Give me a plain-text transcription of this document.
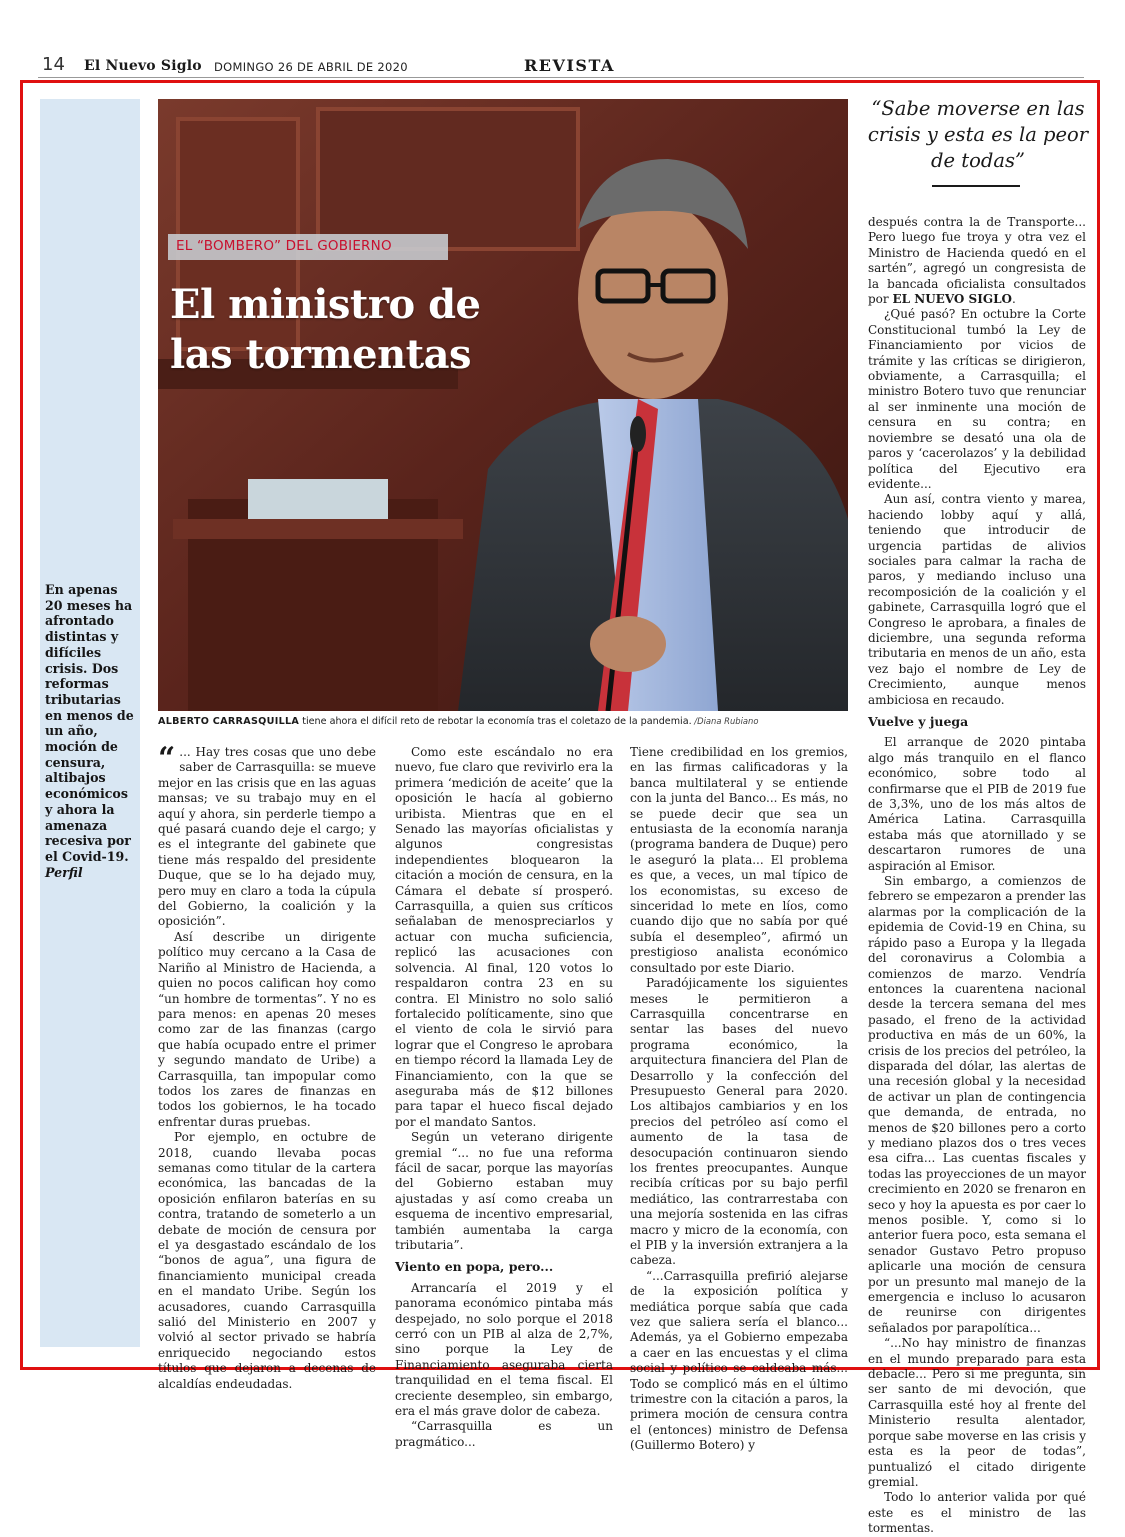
14 El Nuevo Siglo DOMINGO 26 DE ABRIL DE 2020	REVISTA
En apenas 20 meses ha afrontado distintas y difíciles crisis. Dos reformas tributarias en menos de un año, moción de censura, altibajos económicos y ahora la amenaza recesiva por el Covid-19.
Perfil
EL “BOMBERO” DEL GOBIERNO
El ministro de las tormentas
ALBERTO CARRASQUILLA tiene ahora el difícil reto de rebotar la economía tras el coletazo de la pandemia. /Diana Rubiano
“Sabe moverse en las crisis y esta es la peor de todas”

“ ... Hay tres cosas que uno debe saber de Carrasquilla: se mueve mejor en las crisis que en las aguas mansas; ve su trabajo muy en el aquí y ahora, sin perderle tiempo a qué pasará cuando deje el cargo; y es el integrante del gabinete que tiene más respaldo del presidente Duque, que se lo ha dejado muy, pero muy en claro a toda la cúpula del Gobierno, la coalición y la oposición”.

Así describe un dirigente político muy cercano a la Casa de Nariño al Ministro de Hacienda, a quien no pocos califican hoy como “un hombre de tormentas”. Y no es para menos: en apenas 20 meses como zar de las finanzas (cargo que había ocupado entre el primer y segundo mandato de Uribe) a Carrasquilla, tan impopular como todos los zares de finanzas en todos los gobiernos, le ha tocado enfrentar duras pruebas.

Por ejemplo, en octubre de 2018, cuando llevaba pocas semanas como titular de la cartera económica, las bancadas de la oposición enfilaron baterías en su contra, tratando de someterlo a un debate de moción de censura por el ya desgastado escándalo de los “bonos de agua”, una figura de financiamiento municipal creada en el mandato Uribe. Según los acusadores, cuando Carrasquilla salió del Ministerio en 2007 y volvió al sector privado se habría enriquecido negociando estos títulos que dejaron a decenas de alcaldías endeudadas.

Como este escándalo no era nuevo, fue claro que revivirlo era la primera ‘medición de aceite’ que la oposición le hacía al gobierno uribista. Mientras que en el Senado las mayorías oficialistas y algunos congresistas independientes bloquearon la citación a moción de censura, en la Cámara el debate sí prosperó. Carrasquilla, a quien sus críticos señalaban de menospreciarlos y actuar con mucha suficiencia, replicó las acusaciones con solvencia. Al final, 120 votos lo respaldaron contra 23 en su contra. El Ministro no solo salió fortalecido políticamente, sino que el viento de cola le sirvió para lograr que el Congreso le aprobara en tiempo récord la llamada Ley de Financiamiento, con la que se aseguraba más de $12 billones para tapar el hueco fiscal dejado por el mandato Santos.

Según un veterano dirigente gremial “... no fue una reforma fácil de sacar, porque las mayorías del Gobierno estaban muy ajustadas y así como creaba un esquema de incentivo empresarial, también aumentaba la carga tributaria”.

Viento en popa, pero...

Arrancaría el 2019 y el panorama económico pintaba más despejado, no solo porque el 2018 cerró con un PIB al alza de 2,7%, sino porque la Ley de Financiamiento aseguraba cierta tranquilidad en el tema fiscal. El creciente desempleo, sin embargo, era el más grave dolor de cabeza.

“Carrasquilla es un pragmático...

Tiene credibilidad en los gremios, en las firmas calificadoras y la banca multilateral y se entiende con la junta del Banco... Es más, no se puede decir que sea un entusiasta de la economía naranja (programa bandera de Duque) pero le aseguró la plata... El problema es que, a veces, un mal típico de los economistas, su exceso de sinceridad lo mete en líos, como cuando dijo que no sabía por qué subía el desempleo”, afirmó un prestigioso analista económico consultado por este Diario.

Paradójicamente los siguientes meses le permitieron a Carrasquilla concentrarse en sentar las bases del nuevo programa económico, la arquitectura financiera del Plan de Desarrollo y la confección del Presupuesto General para 2020. Los altibajos cambiarios y en los precios del petróleo así como el aumento de la tasa de desocupación continuaron siendo los frentes preocupantes. Aunque recibía críticas por su bajo perfil mediático, las contrarrestaba con una mejoría sostenida en las cifras macro y micro de la economía, con el PIB y la inversión extranjera a la cabeza.

“...Carrasquilla prefirió alejarse de la exposición política y mediática porque sabía que cada vez que saliera sería el blanco... Además, ya el Gobierno empezaba a caer en las encuestas y el clima social y político se caldeaba más... Todo se complicó más en el último trimestre con la citación a paros, la primera moción de censura contra el (entonces) ministro de Defensa (Guillermo Botero) y

después contra la de Transporte... Pero luego fue troya y otra vez el Ministro de Hacienda quedó en el sartén”, agregó un congresista de la bancada oficialista consultados por EL NUEVO SIGLO.

¿Qué pasó? En octubre la Corte Constitucional tumbó la Ley de Financiamiento por vicios de trámite y las críticas se dirigieron, obviamente, a Carrasquilla; el ministro Botero tuvo que renunciar al ser inminente una moción de censura en su contra; en noviembre se desató una ola de paros y ‘cacerolazos’ y la debilidad política del Ejecutivo era evidente...

Aun así, contra viento y marea, haciendo lobby aquí y allá, teniendo que introducir de urgencia partidas de alivios sociales para calmar la racha de paros, y mediando incluso una recomposición de la coalición y el gabinete, Carrasquilla logró que el Congreso le aprobara, a finales de diciembre, una segunda reforma tributaria en menos de un año, esta vez bajo el nombre de Ley de Crecimiento, aunque menos ambiciosa en recaudo.

Vuelve y juega

El arranque de 2020 pintaba algo más tranquilo en el flanco económico, sobre todo al confirmarse que el PIB de 2019 fue de 3,3%, uno de los más altos de América Latina. Carrasquilla estaba más que atornillado y se descartaron rumores de una aspiración al Emisor.

Sin embargo, a comienzos de febrero se empezaron a prender las alarmas por la complicación de la epidemia de Covid-19 en China, su rápido paso a Europa y la llegada del coronavirus a Colombia a comienzos de marzo. Vendría entonces la cuarentena nacional desde la tercera semana del mes pasado, el freno de la actividad productiva en más de un 60%, la crisis de los precios del petróleo, la disparada del dólar, las alertas de una recesión global y la necesidad de activar un plan de contingencia que demanda, de entrada, no menos de $20 billones pero a corto y mediano plazos dos o tres veces esa cifra... Las cuentas fiscales y todas las proyecciones de un mayor crecimiento en 2020 se frenaron en seco y hoy la apuesta es por caer lo menos posible. Y, como si lo anterior fuera poco, esta semana el senador Gustavo Petro propuso aplicarle una moción de censura por un presunto mal manejo de la emergencia e incluso lo acusaron de reunirse con dirigentes señalados por parapolítica...

“...No hay ministro de finanzas en el mundo preparado para esta debacle... Pero si me pregunta, sin ser santo de mi devoción, que Carrasquilla esté hoy al frente del Ministerio resulta alentador, porque sabe moverse en las crisis y esta es la peor de todas”, puntualizó el citado dirigente gremial.

Todo lo anterior valida por qué este es el ministro de las tormentas.
